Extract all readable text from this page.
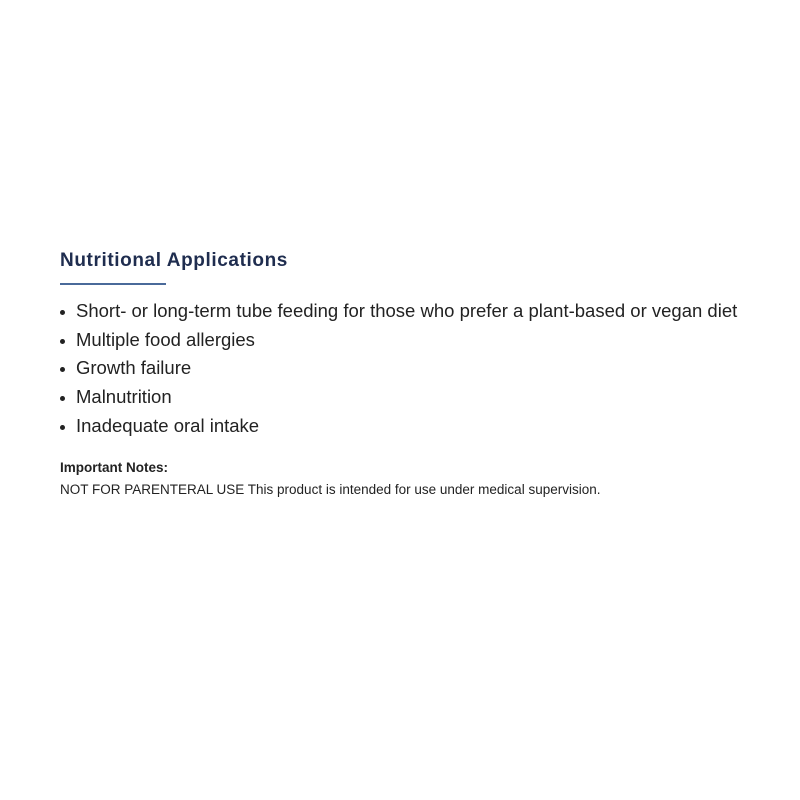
Nutritional Applications
Short- or long-term tube feeding for those who prefer a plant-based or vegan diet
Multiple food allergies
Growth failure
Malnutrition
Inadequate oral intake
Important Notes:
NOT FOR PARENTERAL USE This product is intended for use under medical supervision.
